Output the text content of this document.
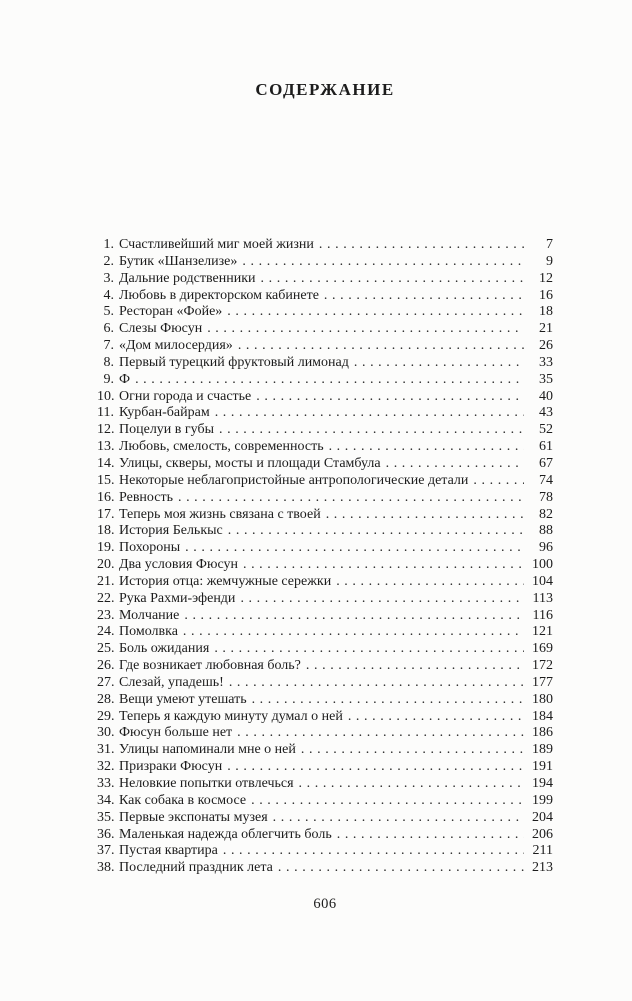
СОДЕРЖАНИЕ
1. Счастливейший миг моей жизни .....	7
2. Бутик «Шанзелизе» .....	9
3. Дальние родственники .....	12
4. Любовь в директорском кабинете .....	16
5. Ресторан «Фойе» .....	18
6. Слезы Фюсун .....	21
7. «Дом милосердия» .....	26
8. Первый турецкий фруктовый лимонад .....	33
9. Ф .....	35
10. Огни города и счастье .....	40
11. Курбан-байрам .....	43
12. Поцелуи в губы .....	52
13. Любовь, смелость, современность .....	61
14. Улицы, скверы, мосты и площади Стамбула .....	67
15. Некоторые неблагопристойные антропологические детали .....	74
16. Ревность .....	78
17. Теперь моя жизнь связана с твоей .....	82
18. История Белькыс .....	88
19. Похороны .....	96
20. Два условия Фюсун .....	100
21. История отца: жемчужные сережки .....	104
22. Рука Рахми-эфенди .....	113
23. Молчание .....	116
24. Помолвка .....	121
25. Боль ожидания .....	169
26. Где возникает любовная боль? .....	172
27. Слезай, упадешь! .....	177
28. Вещи умеют утешать .....	180
29. Теперь я каждую минуту думал о ней .....	184
30. Фюсун больше нет .....	186
31. Улицы напоминали мне о ней .....	189
32. Призраки Фюсун .....	191
33. Неловкие попытки отвлечься .....	194
34. Как собака в космосе .....	199
35. Первые экспонаты музея .....	204
36. Маленькая надежда облегчить боль .....	206
37. Пустая квартира .....	211
38. Последний праздник лета .....	213
606
